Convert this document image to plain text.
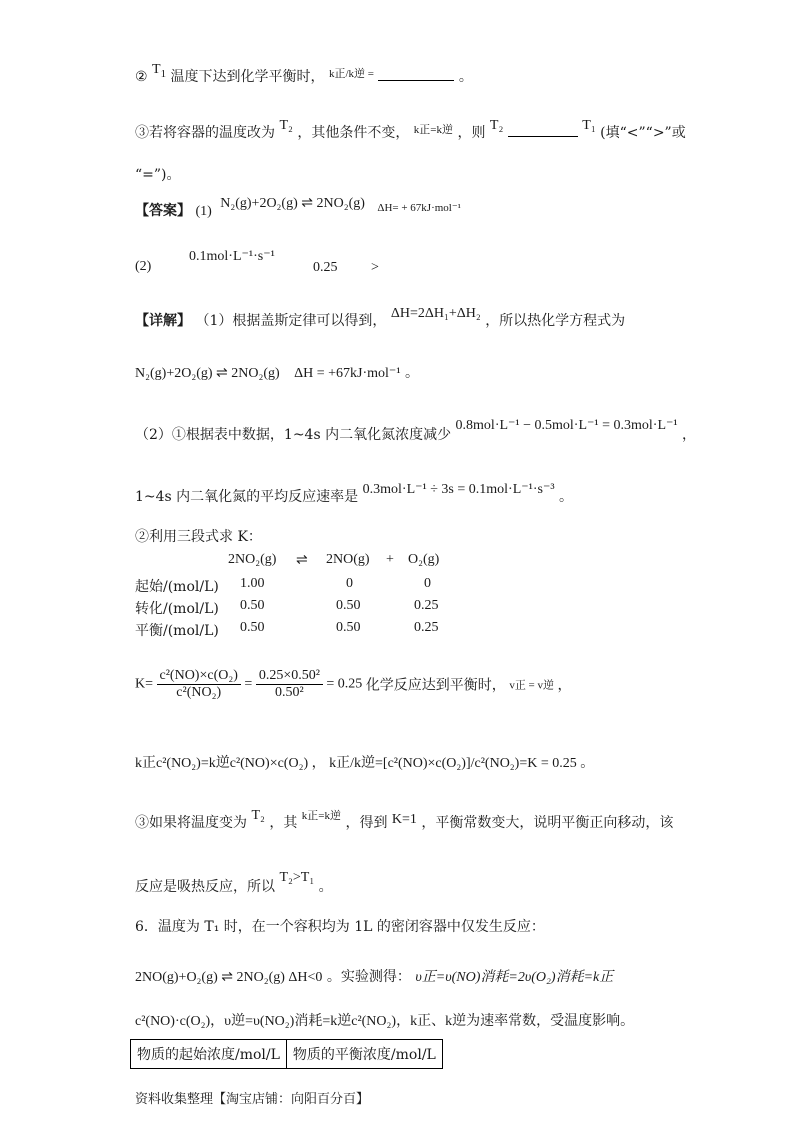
② $T_1$ 温度下达到化学平衡时， $^{k正/k逆 =}$	。
③若将容器的温度改为 T₂ ，其他条件不变， $^{k正=k逆}$ ，则 T₂	T₁ (填“<”“>”或
“=”)。
【答案】 (1) N₂(g)+2O₂(g) ⇌ 2NO₂(g) $^{\Delta H= + 67kJ\cdot mol^{-1}}$
(2)
0.1mol·L⁻¹·s⁻¹
0.25 >
【详解】 （1）根据盖斯定律可以得到， ΔH=2ΔH₁+ΔH₂ ，所以热化学方程式为
N₂(g)+2O₂(g) ⇌ 2NO₂(g) ΔH = +67kJ·mol⁻¹ 。
（2）①根据表中数据，1~4s 内二氧化氮浓度减少 0.8mol·L⁻¹ − 0.5mol·L⁻¹ = 0.3mol·L⁻¹ ，
1~4s 内二氧化氮的平均反应速率是 0.3mol·L⁻¹ ÷ 3s = 0.1mol·L⁻¹·s⁻³ 。
②利用三段式求 K：
2NO₂(g) ⇌ 2NO(g) + O₂(g)
起始/(mol/L) 1.00	0	0
转化/(mol/L) 0.50	0.50	0.25
平衡/(mol/L) 0.50	0.50	0.25
$K= \frac{\text{c²(NO)×c(O₂)}}{\text{c²(NO₂)}} = \frac{\text{0.25×0.50²}}{\text{0.50²}} = 0.25$ 化学反应达到平衡时， v正 = v逆 ，
k正c²(NO₂)=k逆c²(NO)×c(O₂) ， k正/k逆=[c²(NO)×c(O₂)]/c²(NO₂)=K = 0.25 。
③如果将温度变为 T₂ ，其 $^{k正=k逆}$ ，得到 K=1 ，平衡常数变大，说明平衡正向移动，该
反应是吸热反应，所以 T₂>T₁ 。
6．温度为 T₁ 时，在一个容积均为 1L 的密闭容器中仅发生反应：
2NO(g)+O₂(g) ⇌ 2NO₂(g) ΔH<0 。实验测得： υ正=υ(NO)消耗=2υ(O₂)消耗=k正
c²(NO)·c(O₂)，υ逆=υ(NO₂)消耗=k逆c²(NO₂)，k正、k逆为速率常数，受温度影响。
物质的起始浓度/mol/L	物质的平衡浓度/mol/L
资料收集整理【淘宝店铺：向阳百分百】
